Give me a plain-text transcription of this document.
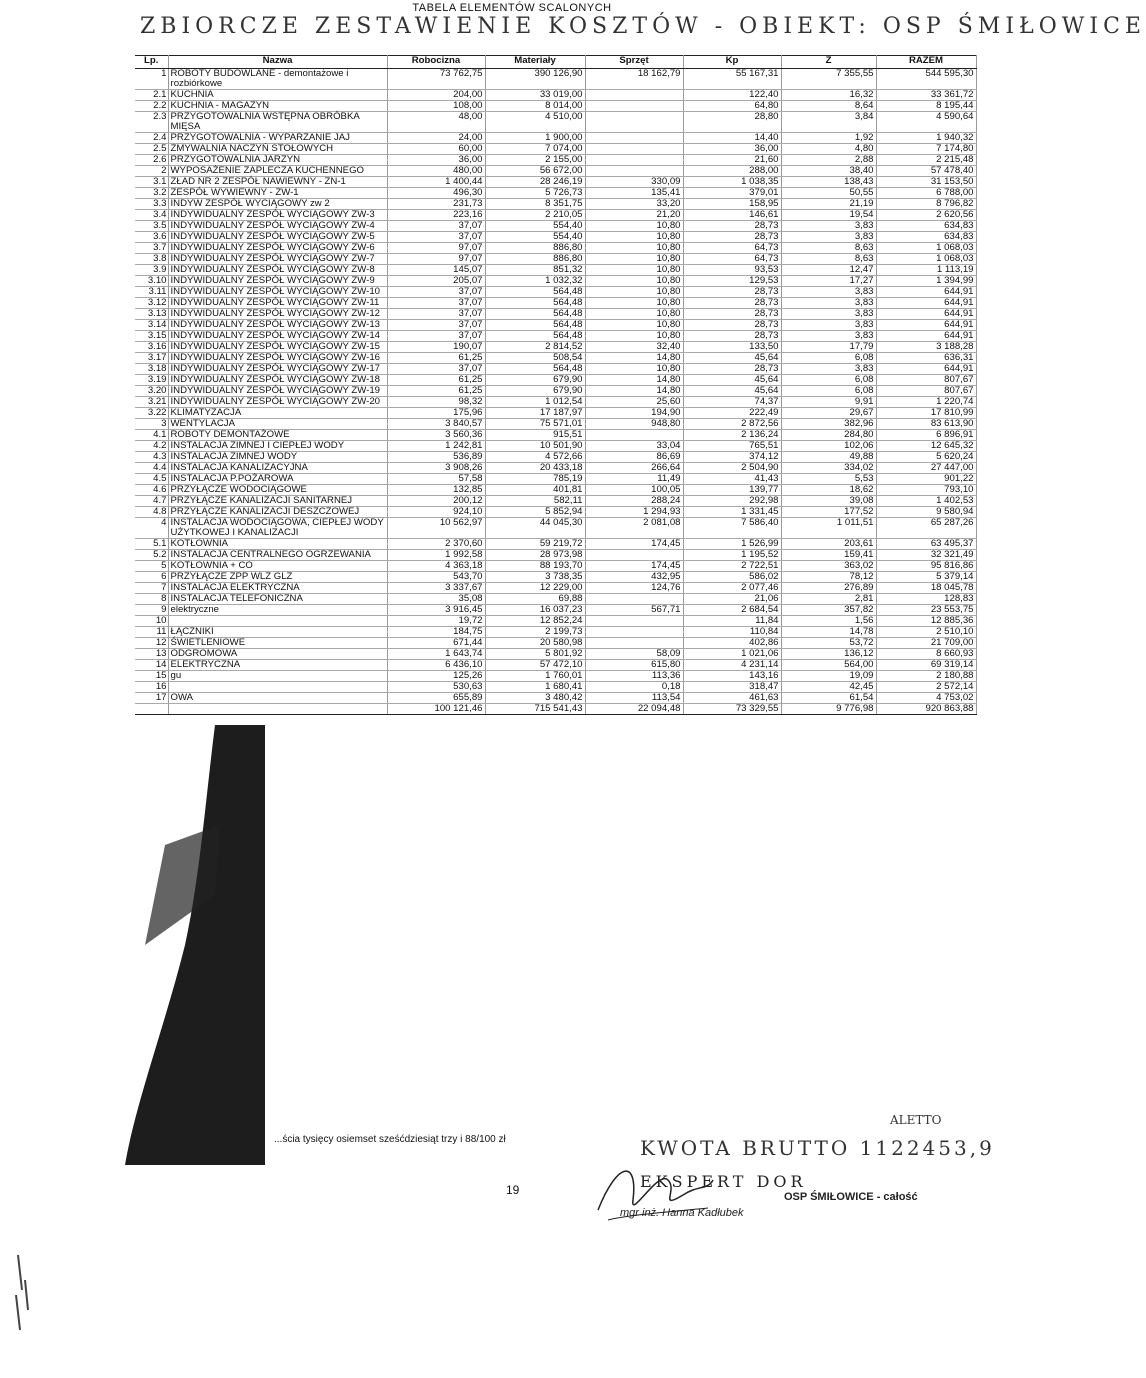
TABELA ELEMENTÓW SCALONYCH
ZBIORCZE ZESTAWIENIE KOSZTÓW - OBIEKT: OSP ŚMIŁOWICE
Lp.	Nazwa	Robocizna	Materiały	Sprzęt	Kp	Z	RAZEM
1	ROBOTY BUDOWLANE - demontażowe i rozbiórkowe	73 762,75	390 126,90	18 162,79	55 167,31	7 355,55	544 595,30
2.1	KUCHNIA	204,00	33 019,00		122,40	16,32	33 361,72
2.2	KUCHNIA - MAGAZYN	108,00	8 014,00		64,80	8,64	8 195,44
2.3	PRZYGOTOWALNIA WSTĘPNA OBRÓBKA MIĘSA	48,00	4 510,00		28,80	3,84	4 590,64
2.4	PRZYGOTOWALNIA - WYPARZANIE JAJ	24,00	1 900,00		14,40	1,92	1 940,32
2.5	ZMYWALNIA NACZYŃ STOŁOWYCH	60,00	7 074,00		36,00	4,80	7 174,80
2.6	PRZYGOTOWALNIA JARZYN	36,00	2 155,00		21,60	2,88	2 215,48
2	WYPOSAŻENIE ZAPLECZA KUCHENNEGO	480,00	56 672,00		288,00	38,40	57 478,40
3.1	ZŁAD NR 2 ZESPÓŁ NAWIEWNY - ZN-1	1 400,44	28 246,19	330,09	1 038,35	138,43	31 153,50
3.2	ZESPÓŁ WYWIEWNY - ZW-1	496,30	5 726,73	135,41	379,01	50,55	6 788,00
3.3	INDYW ZESPÓŁ WYCIĄGOWY zw 2	231,73	8 351,75	33,20	158,95	21,19	8 796,82
3.4	INDYWIDUALNY ZESPÓŁ WYCIĄGOWY ZW-3	223,16	2 210,05	21,20	146,61	19,54	2 620,56
3.5	INDYWIDUALNY ZESPÓŁ WYCIĄGOWY ZW-4	37,07	554,40	10,80	28,73	3,83	634,83
3.6	INDYWIDUALNY ZESPÓŁ WYCIĄGOWY ZW-5	37,07	554,40	10,80	28,73	3,83	634,83
3.7	INDYWIDUALNY ZESPÓŁ WYCIĄGOWY ZW-6	97,07	886,80	10,80	64,73	8,63	1 068,03
3.8	INDYWIDUALNY ZESPÓŁ WYCIĄGOWY ZW-7	97,07	886,80	10,80	64,73	8,63	1 068,03
3.9	INDYWIDUALNY ZESPÓŁ WYCIĄGOWY ZW-8	145,07	851,32	10,80	93,53	12,47	1 113,19
3.10	INDYWIDUALNY ZESPÓŁ WYCIĄGOWY ZW-9	205,07	1 032,32	10,80	129,53	17,27	1 394,99
3.11	INDYWIDUALNY ZESPÓŁ WYCIĄGOWY ZW-10	37,07	564,48	10,80	28,73	3,83	644,91
3.12	INDYWIDUALNY ZESPÓŁ WYCIĄGOWY ZW-11	37,07	564,48	10,80	28,73	3,83	644,91
3.13	INDYWIDUALNY ZESPÓŁ WYCIĄGOWY ZW-12	37,07	564,48	10,80	28,73	3,83	644,91
3.14	INDYWIDUALNY ZESPÓŁ WYCIĄGOWY ZW-13	37,07	564,48	10,80	28,73	3,83	644,91
3.15	INDYWIDUALNY ZESPÓŁ WYCIĄGOWY ZW-14	37,07	564,48	10,80	28,73	3,83	644,91
3.16	INDYWIDUALNY ZESPÓŁ WYCIĄGOWY ZW-15	190,07	2 814,52	32,40	133,50	17,79	3 188,28
3.17	INDYWIDUALNY ZESPÓŁ WYCIĄGOWY ZW-16	61,25	508,54	14,80	45,64	6,08	636,31
3.18	INDYWIDUALNY ZESPÓŁ WYCIĄGOWY ZW-17	37,07	564,48	10,80	28,73	3,83	644,91
3.19	INDYWIDUALNY ZESPÓŁ WYCIĄGOWY ZW-18	61,25	679,90	14,80	45,64	6,08	807,67
3.20	INDYWIDUALNY ZESPÓŁ WYCIĄGOWY ZW-19	61,25	679,90	14,80	45,64	6,08	807,67
3.21	INDYWIDUALNY ZESPÓŁ WYCIĄGOWY ZW-20	98,32	1 012,54	25,60	74,37	9,91	1 220,74
3.22	KLIMATYZACJA	175,96	17 187,97	194,90	222,49	29,67	17 810,99
3	WENTYLACJA	3 840,57	75 571,01	948,80	2 872,56	382,96	83 613,90
4.1	ROBOTY DEMONTAŻOWE	3 560,36	915,51		2 136,24	284,80	6 896,91
4.2	INSTALACJA ZIMNEJ I CIEPŁEJ WODY	1 242,81	10 501,90	33,04	765,51	102,06	12 645,32
4.3	INSTALACJA ZIMNEJ WODY	536,89	4 572,66	86,69	374,12	49,88	5 620,24
4.4	INSTALACJA KANALIZACYJNA	3 908,26	20 433,18	266,64	2 504,90	334,02	27 447,00
4.5	INSTALACJA P.POŻAROWA	57,58	785,19	11,49	41,43	5,53	901,22
4.6	PRZYŁĄCZE WODOCIĄGOWE	132,85	401,81	100,05	139,77	18,62	793,10
4.7	PRZYŁĄCZE KANALIZACJI SANITARNEJ	200,12	582,11	288,24	292,98	39,08	1 402,53
4.8	PRZYŁĄCZE KANALIZACJI DESZCZOWEJ	924,10	5 852,94	1 294,93	1 331,45	177,52	9 580,94
4	INSTALACJA WODOCIĄGOWA, CIEPŁEJ WODY UŻYTKOWEJ I KANALIZACJI	10 562,97	44 045,30	2 081,08	7 586,40	1 011,51	65 287,26
5.1	KOTŁOWNIA	2 370,60	59 219,72	174,45	1 526,99	203,61	63 495,37
5.2	INSTALACJA CENTRALNEGO OGRZEWANIA	1 992,58	28 973,98		1 195,52	159,41	32 321,49
5	KOTŁOWNIA + CO	4 363,18	88 193,70	174,45	2 722,51	363,02	95 816,86
6	PRZYŁĄCZE ZPP WLZ GLZ	543,70	3 738,35	432,95	586,02	78,12	5 379,14
7	INSTALACJA ELEKTRYCZNA	3 337,67	12 229,00	124,76	2 077,46	276,89	18 045,78
8	INSTALACJA TELEFONICZNA	35,08	69,88		21,06	2,81	128,83
9	elektryczne	3 916,45	16 037,23	567,71	2 684,54	357,82	23 553,75
10		19,72	12 852,24		11,84	1,56	12 885,36
11	ŁĄCZNIKI	184,75	2 199,73		110,84	14,78	2 510,10
12	ŚWIETLENIOWE	671,44	20 580,98		402,86	53,72	21 709,00
13	ODGROMOWA	1 643,74	5 801,92	58,09	1 021,06	136,12	8 660,93
14	ELEKTRYCZNA	6 436,10	57 472,10	615,80	4 231,14	564,00	69 319,14
15	gu	125,26	1 760,01	113,36	143,16	19,09	2 180,88
16		530,63	1 680,41	0,18	318,47	42,45	2 572,14
17	OWA	655,89	3 480,42	113,54	461,63	61,54	4 753,02
		100 121,46	715 541,43	22 094,48	73 329,55	9 776,98	920 863,88
...ścia tysięcy osiemset sześćdziesiąt trzy i 88/100 zł
19
ALETTO
KWOTA BRUTTO 1122453,9
EKSPERT DOR
OSP ŚMIŁOWICE - całość
mgr inż. Hanna Kadłubek
